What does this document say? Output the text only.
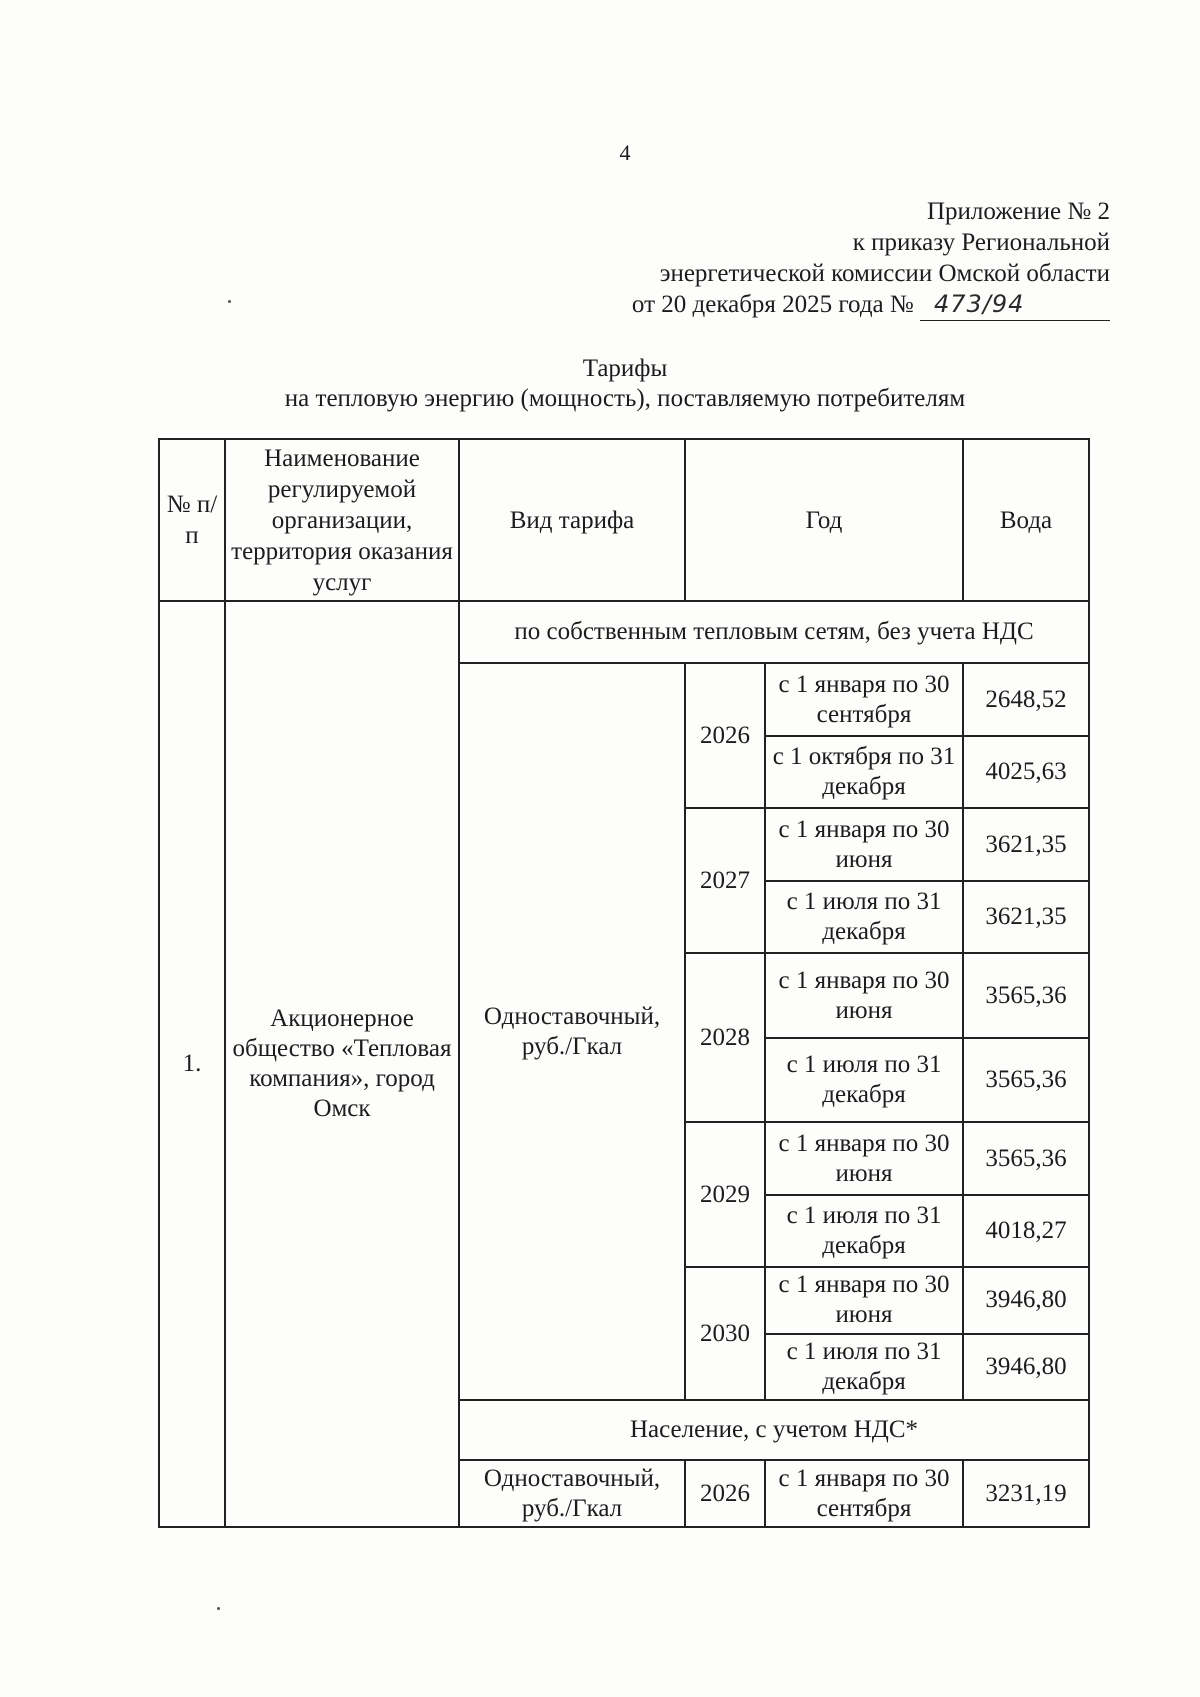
4
Приложение № 2
к приказу Региональной
энергетической комиссии Омской области
от 20 декабря 2025 года № 473/94
Тарифы
на тепловую энергию (мощность), поставляемую потребителям
№ п/п	Наименование регулируемой организации, территория оказания услуг	Вид тарифа	Год		Вода
1.	Акционерное общество «Тепловая компания», город Омск	по собственным тепловым сетям, без учета НДС			
		Одноставочный, руб./Гкал	2026	с 1 января по 30 сентября	2648,52
				с 1 октября по 31 декабря	4025,63
			2027	с 1 января по 30 июня	3621,35
				с 1 июля по 31 декабря	3621,35
			2028	с 1 января по 30 июня	3565,36
				с 1 июля по 31 декабря	3565,36
			2029	с 1 января по 30 июня	3565,36
				с 1 июля по 31 декабря	4018,27
			2030	с 1 января по 30 июня	3946,80
				с 1 июля по 31 декабря	3946,80
		Население, с учетом НДС*			
		Одноставочный, руб./Гкал	2026	с 1 января по 30 сентября	3231,19
